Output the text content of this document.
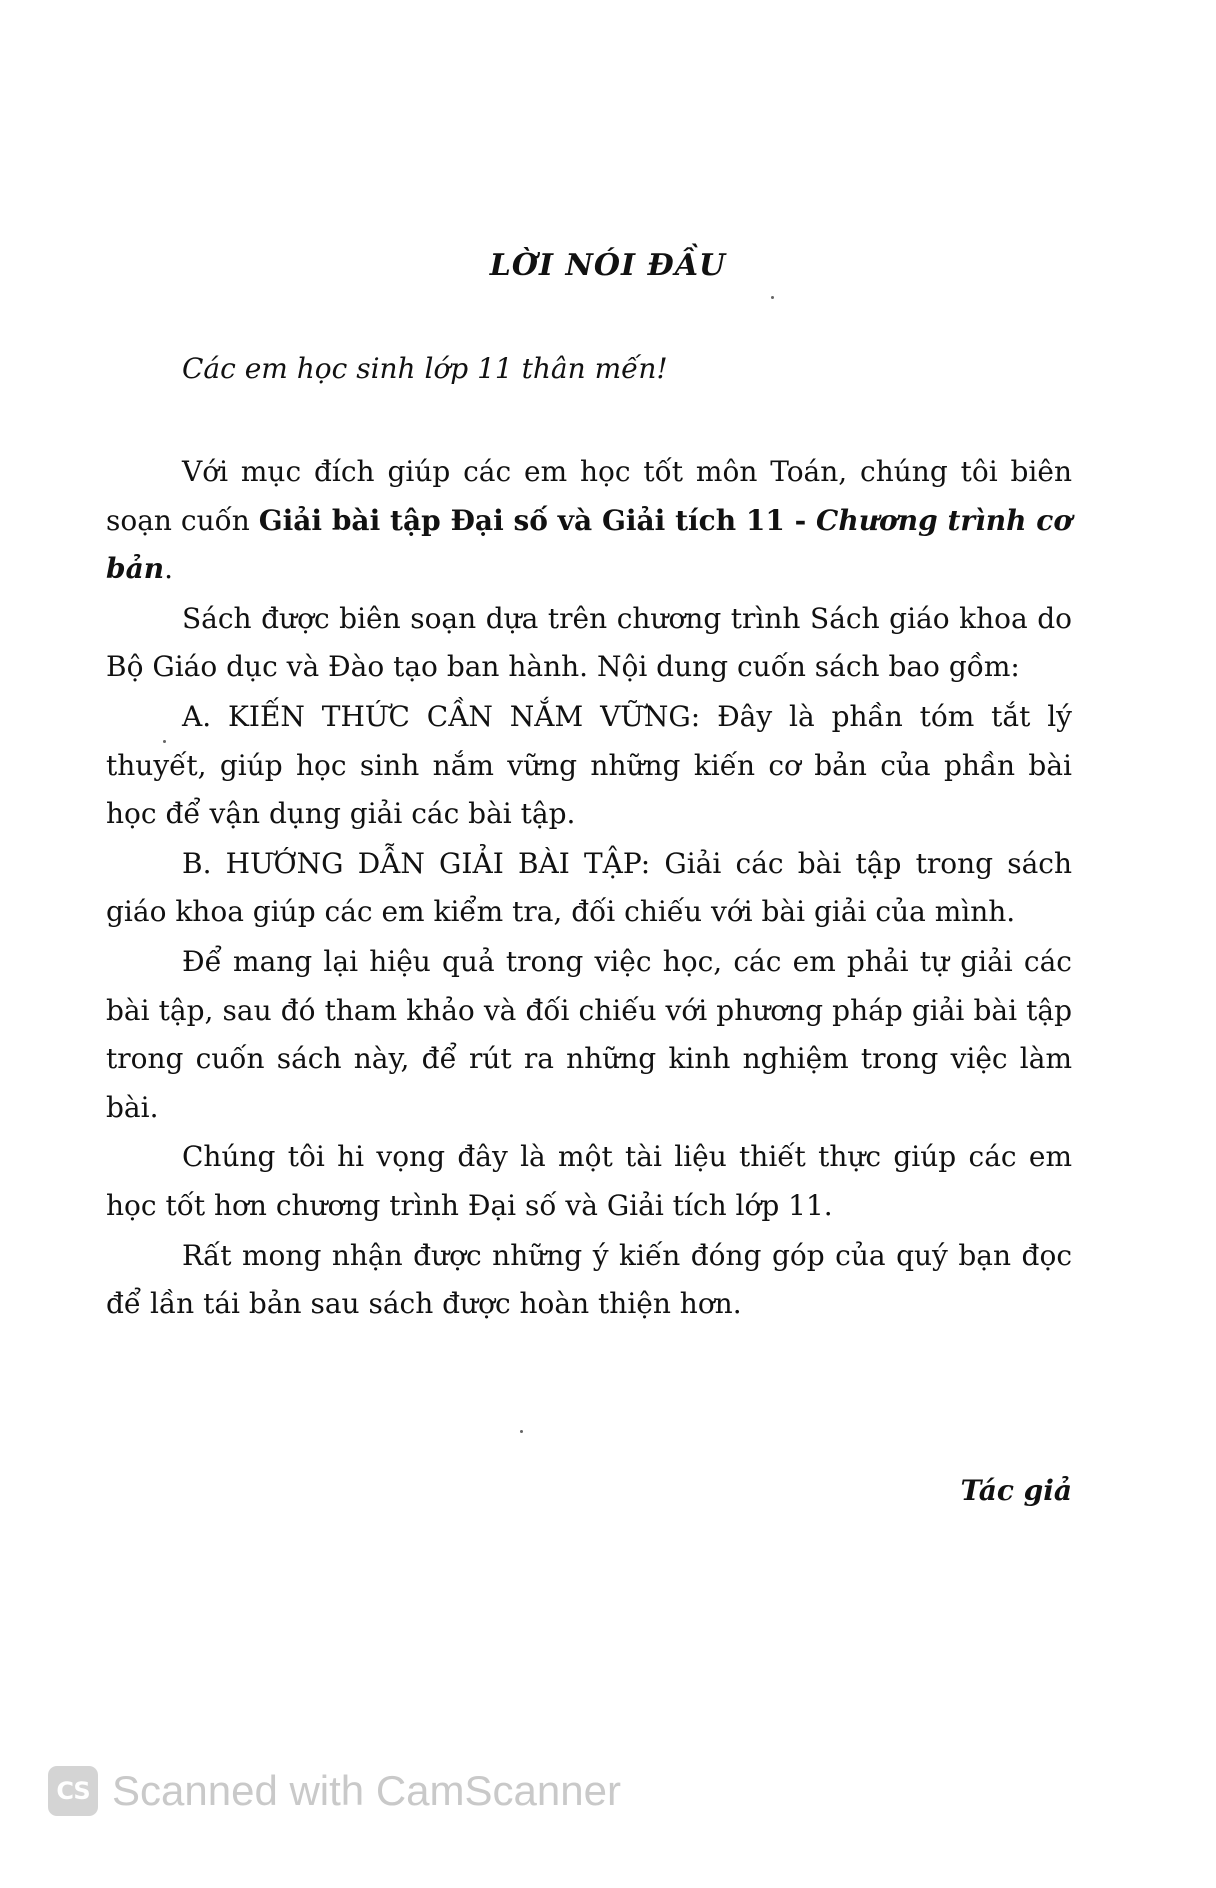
LỜI NÓI ĐẦU

Các em học sinh lớp 11 thân mến!

Với mục đích giúp các em học tốt môn Toán, chúng tôi biên soạn cuốn Giải bài tập Đại số và Giải tích 11 - Chương trình cơ bản.

Sách được biên soạn dựa trên chương trình Sách giáo khoa do Bộ Giáo dục và Đào tạo ban hành. Nội dung cuốn sách bao gồm:

A. KIẾN THỨC CẦN NẮM VỮNG: Đây là phần tóm tắt lý thuyết, giúp học sinh nắm vững những kiến cơ bản của phần bài học để vận dụng giải các bài tập.

B. HƯỚNG DẪN GIẢI BÀI TẬP: Giải các bài tập trong sách giáo khoa giúp các em kiểm tra, đối chiếu với bài giải của mình.

Để mang lại hiệu quả trong việc học, các em phải tự giải các bài tập, sau đó tham khảo và đối chiếu với phương pháp giải bài tập trong cuốn sách này, để rút ra những kinh nghiệm trong việc làm bài.

Chúng tôi hi vọng đây là một tài liệu thiết thực giúp các em học tốt hơn chương trình Đại số và Giải tích lớp 11.

Rất mong nhận được những ý kiến đóng góp của quý bạn đọc để lần tái bản sau sách được hoàn thiện hơn.

Tác giả

CS Scanned with CamScanner
